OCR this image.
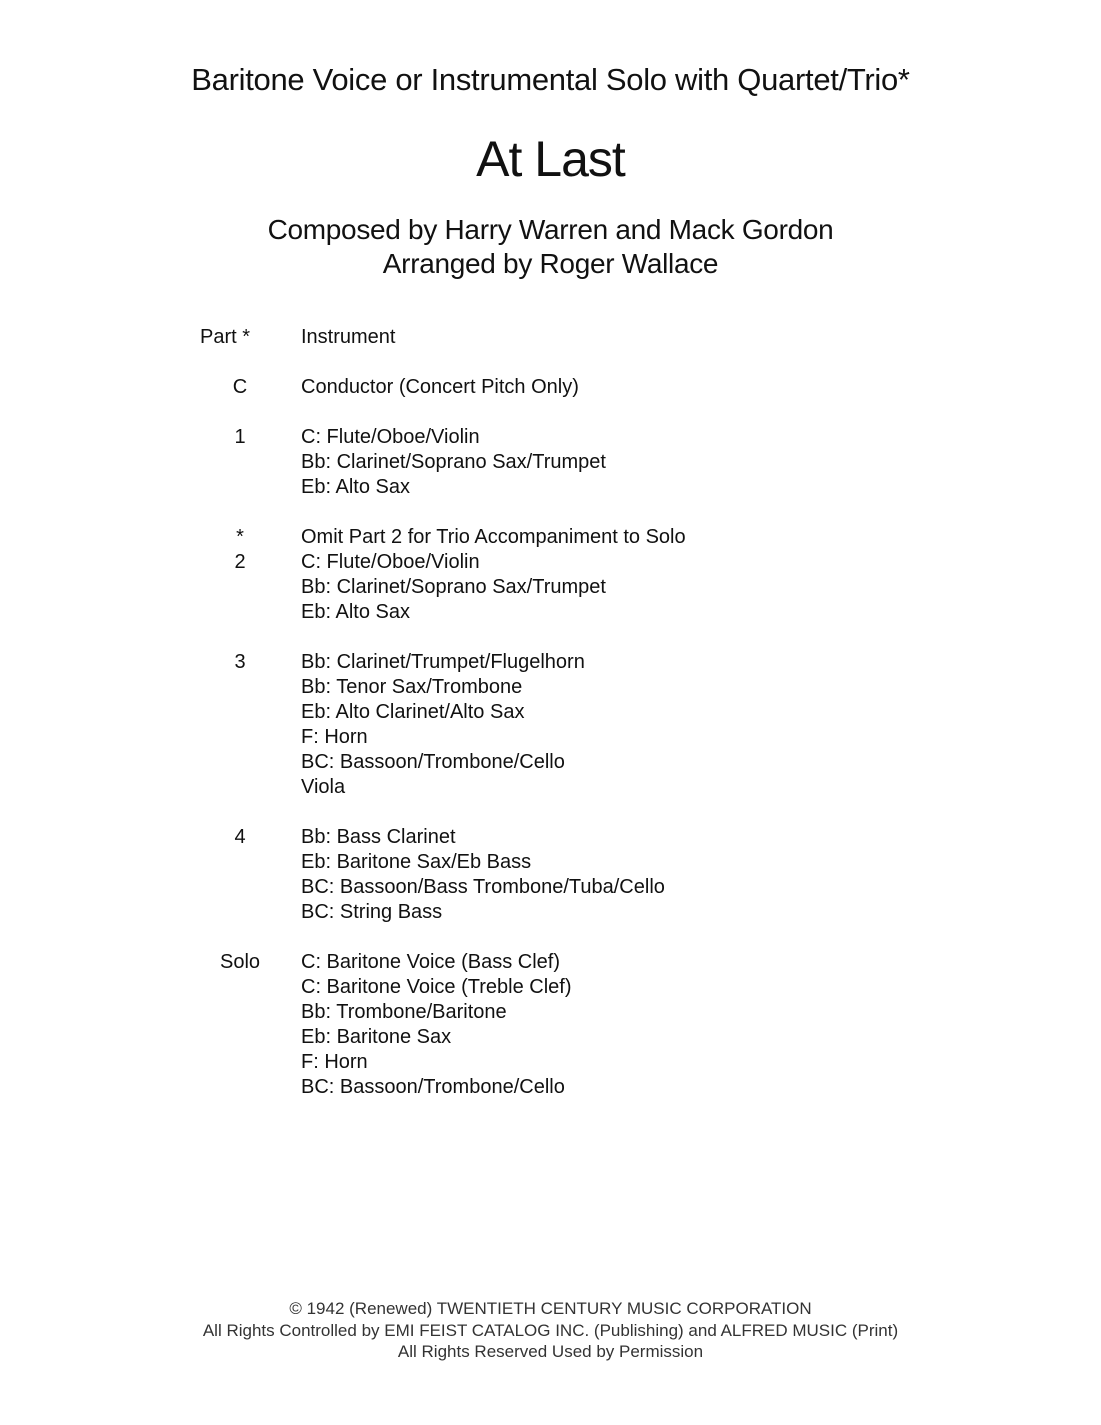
Baritone Voice or Instrumental Solo with Quartet/Trio*
At Last
Composed by Harry Warren and Mack Gordon
Arranged by Roger Wallace
Part *	Instrument
C	Conductor (Concert Pitch Only)
1	C: Flute/Oboe/Violin
Bb: Clarinet/Soprano Sax/Trumpet
Eb: Alto Sax
*	Omit Part 2 for Trio Accompaniment to Solo
2	C: Flute/Oboe/Violin
Bb: Clarinet/Soprano Sax/Trumpet
Eb: Alto Sax
3	Bb: Clarinet/Trumpet/Flugelhorn
Bb: Tenor Sax/Trombone
Eb: Alto Clarinet/Alto Sax
F: Horn
BC: Bassoon/Trombone/Cello
Viola
4	Bb: Bass Clarinet
Eb: Baritone Sax/Eb Bass
BC: Bassoon/Bass Trombone/Tuba/Cello
BC: String Bass
Solo	C: Baritone Voice (Bass Clef)
C: Baritone Voice (Treble Clef)
Bb: Trombone/Baritone
Eb: Baritone Sax
F: Horn
BC: Bassoon/Trombone/Cello
© 1942 (Renewed) TWENTIETH CENTURY MUSIC CORPORATION
All Rights Controlled by EMI FEIST CATALOG INC. (Publishing) and ALFRED MUSIC (Print)
All Rights Reserved Used by Permission
